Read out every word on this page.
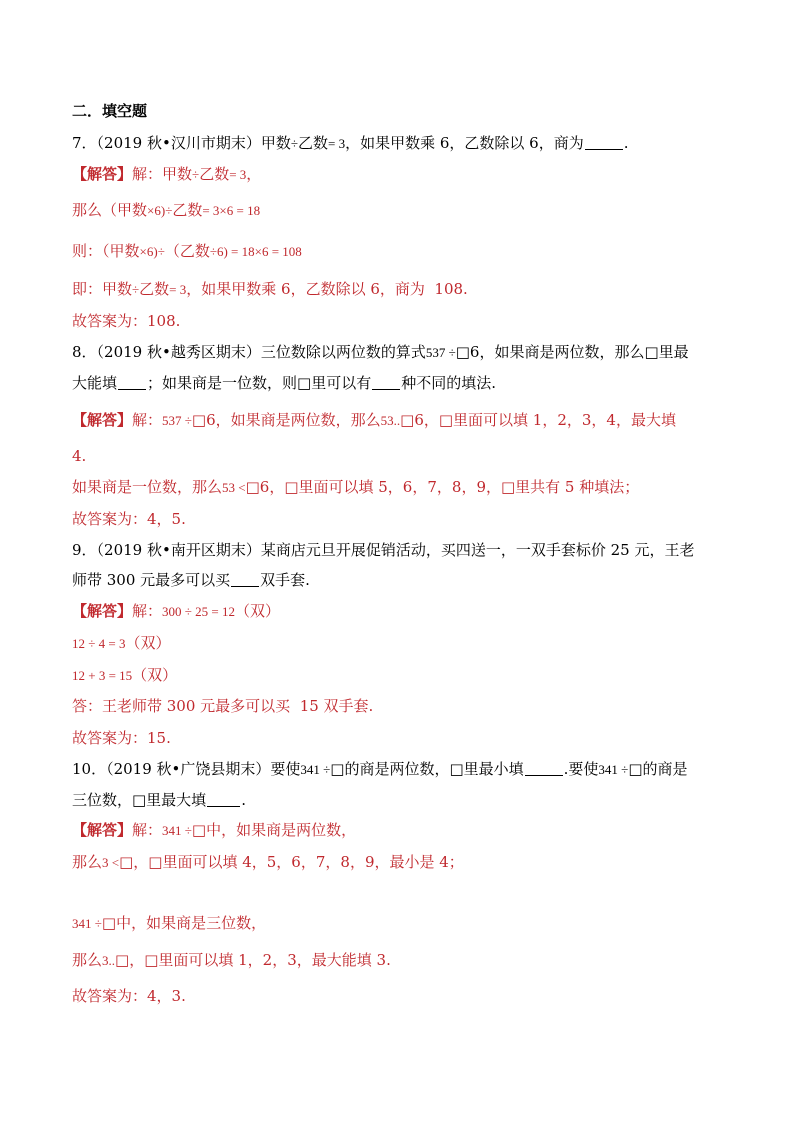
二．填空题
7．（2019 秋•汉川市期末）甲数÷乙数= 3，如果甲数乘 6，乙数除以 6，商为	.
【解答】解：甲数÷乙数= 3，
那么（甲数×6)÷乙数= 3×6 = 18
则：（甲数×6)÷（乙数÷6) = 18×6 = 108
即：甲数÷乙数= 3，如果甲数乘 6，乙数除以 6，商为  108.
故答案为：108.
8．（2019 秋•越秀区期末）三位数除以两位数的算式537 ÷□6，如果商是两位数，那么□里最
大能填 ；如果商是一位数，则□里可以有 种不同的填法.
【解答】解：537 ÷□6，如果商是两位数，那么53..□6，□里面可以填 1，2，3，4，最大填
4.
如果商是一位数，那么53 <□6，□里面可以填 5，6，7，8，9，□里共有 5 种填法；
故答案为：4，5.
9．（2019 秋•南开区期末）某商店元旦开展促销活动，买四送一，一双手套标价 25 元，王老
师带 300 元最多可以买 双手套.
【解答】解：300 ÷ 25 = 12（双）
12 ÷ 4 = 3（双）
12 + 3 = 15（双）
答：王老师带 300 元最多可以买  15 双手套.
故答案为：15.
10．（2019 秋•广饶县期末）要使341 ÷□的商是两位数，□里最小填	.要使341 ÷□的商是
三位数，□里最大填 .
【解答】解：341 ÷□中，如果商是两位数，
那么3 <□，□里面可以填 4，5，6，7，8，9，最小是 4；
341 ÷□中，如果商是三位数，
那么3..□，□里面可以填 1，2，3，最大能填 3.
故答案为：4，3.
